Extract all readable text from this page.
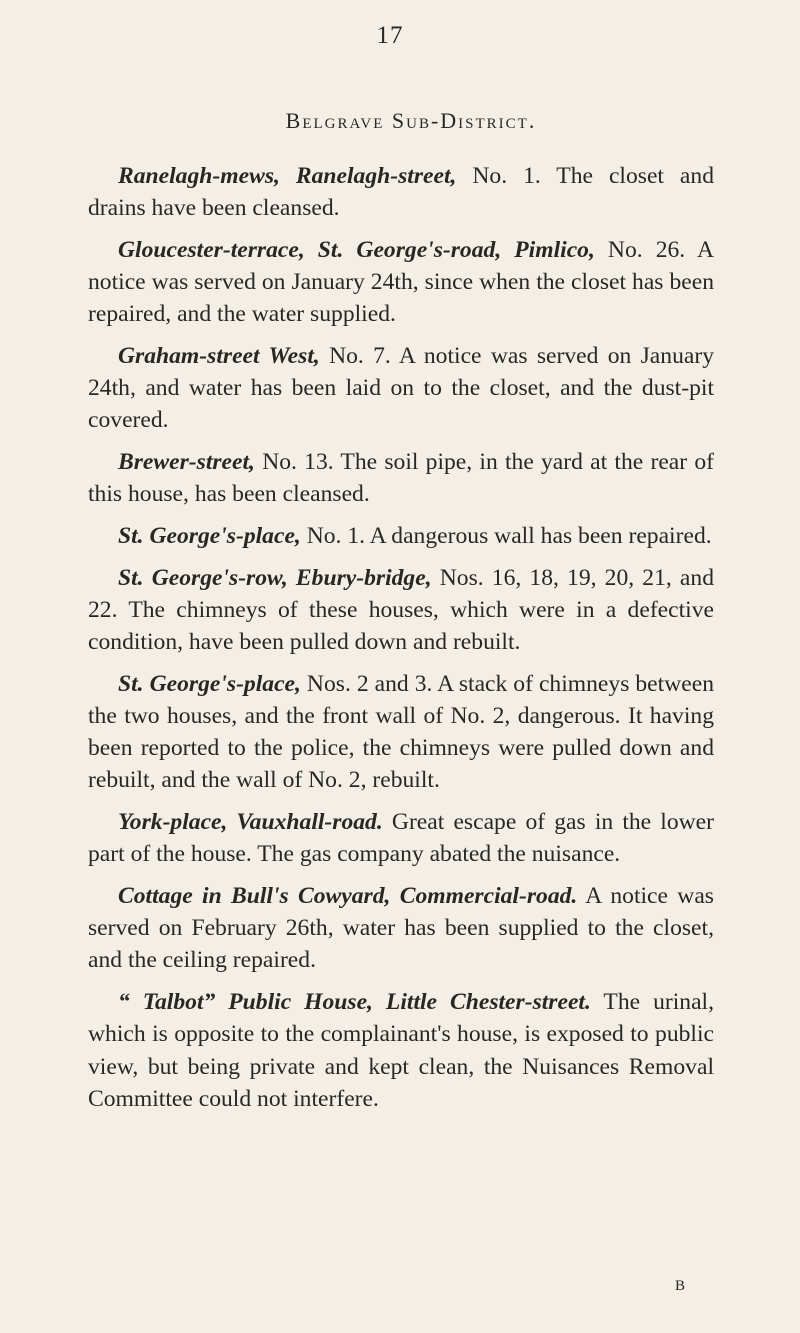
17
Belgrave Sub-District.

Ranelagh-mews, Ranelagh-street, No. 1. The closet and drains have been cleansed.

Gloucester-terrace, St. George's-road, Pimlico, No. 26. A notice was served on January 24th, since when the closet has been repaired, and the water supplied.

Graham-street West, No. 7. A notice was served on January 24th, and water has been laid on to the closet, and the dust-pit covered.

Brewer-street, No. 13. The soil pipe, in the yard at the rear of this house, has been cleansed.

St. George's-place, No. 1. A dangerous wall has been repaired.

St. George's-row, Ebury-bridge, Nos. 16, 18, 19, 20, 21, and 22. The chimneys of these houses, which were in a defective condition, have been pulled down and rebuilt.

St. George's-place, Nos. 2 and 3. A stack of chimneys between the two houses, and the front wall of No. 2, dangerous. It having been reported to the police, the chimneys were pulled down and rebuilt, and the wall of No. 2, rebuilt.

York-place, Vauxhall-road. Great escape of gas in the lower part of the house. The gas company abated the nuisance.

Cottage in Bull's Cowyard, Commercial-road. A notice was served on February 26th, water has been supplied to the closet, and the ceiling repaired.

“ Talbot” Public House, Little Chester-street. The urinal, which is opposite to the complainant's house, is exposed to public view, but being private and kept clean, the Nuisances Removal Committee could not interfere.

B
